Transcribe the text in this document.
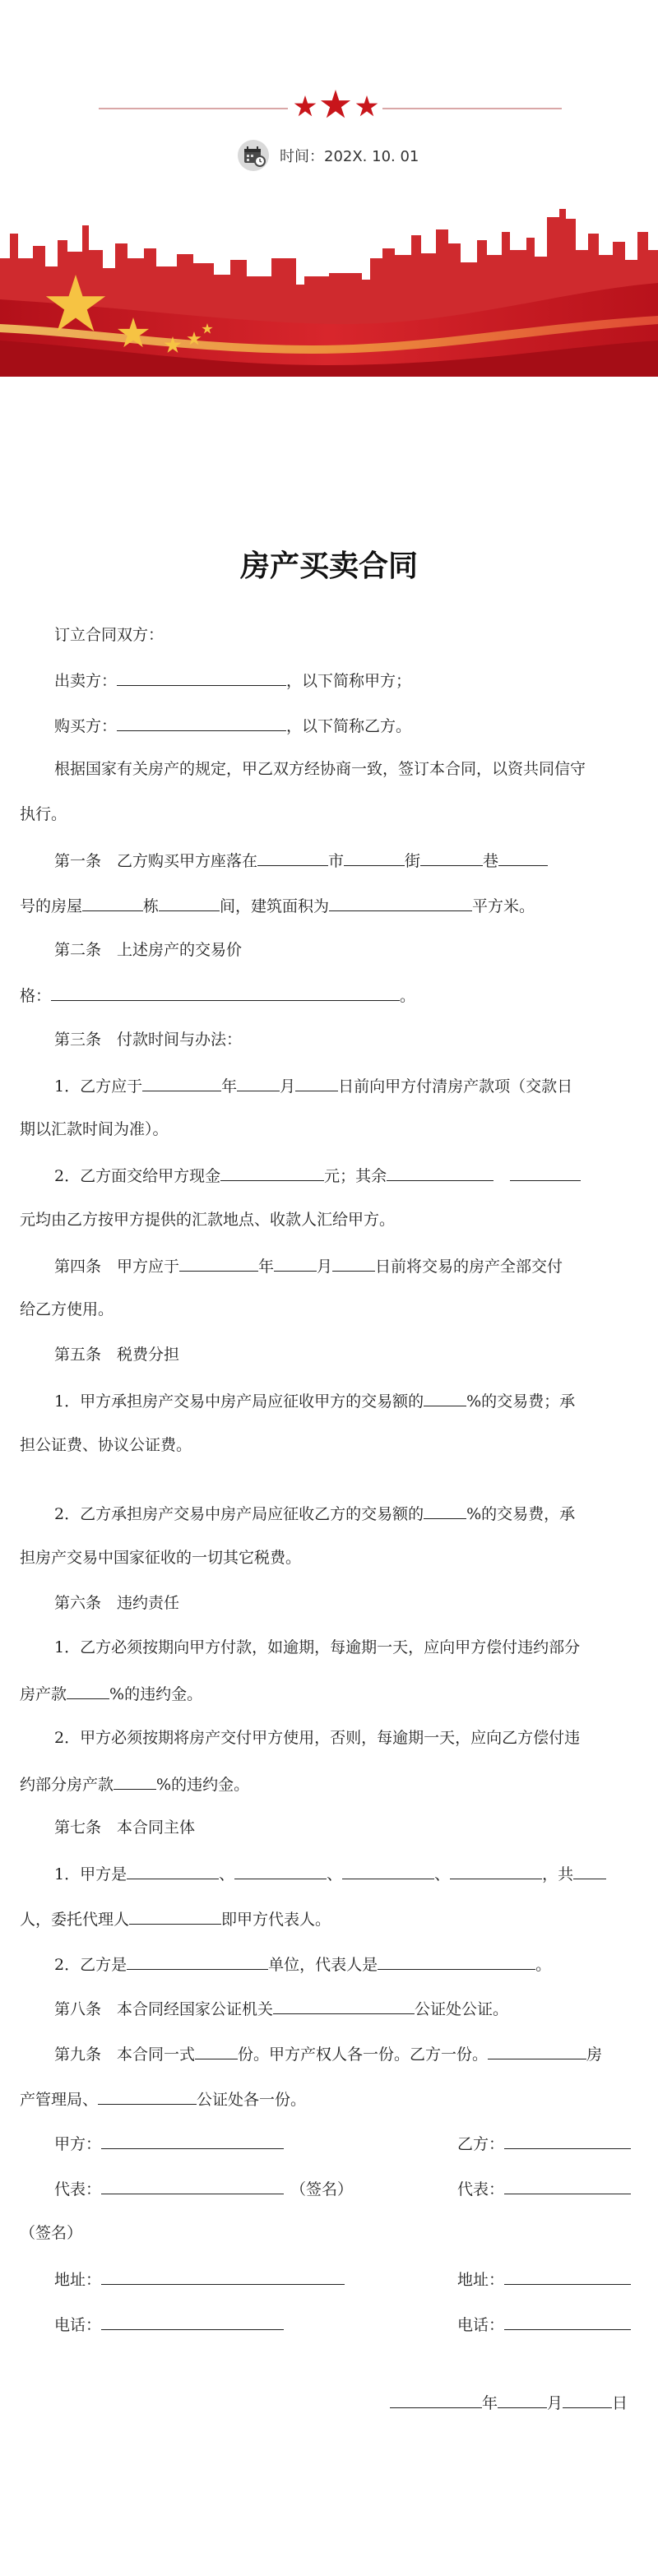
时间：202X. 10. 01
房产买卖合同
订立合同双方：
出卖方：	，以下简称甲方；
购买方：	，以下简称乙方。
根据国家有关房产的规定，甲乙双方经协商一致，签订本合同，以资共同信守
执行。
第一条　乙方购买甲方座落在	市	街	巷
号的房屋	栋	间，建筑面积为	平方米。
第二条　上述房产的交易价
格：	。
第三条　付款时间与办法：
1．乙方应于	年	月	日前向甲方付清房产款项（交款日
期以汇款时间为准）。
2．乙方面交给甲方现金	元；其余
元均由乙方按甲方提供的汇款地点、收款人汇给甲方。
第四条　甲方应于	年	月	日前将交易的房产全部交付
给乙方使用。
第五条　税费分担
1．甲方承担房产交易中房产局应征收甲方的交易额的	%的交易费；承
担公证费、协议公证费。
2．乙方承担房产交易中房产局应征收乙方的交易额的	%的交易费，承
担房产交易中国家征收的一切其它税费。
第六条　违约责任
1．乙方必须按期向甲方付款，如逾期，每逾期一天，应向甲方偿付违约部分
房产款	%的违约金。
2．甲方必须按期将房产交付甲方使用，否则，每逾期一天，应向乙方偿付违
约部分房产款	%的违约金。
第七条　本合同主体
1．甲方是	、	、	、	，共
人，委托代理人	即甲方代表人。
2．乙方是	单位，代表人是	。
第八条　本合同经国家公证机关	公证处公证。
第九条　本合同一式	份。甲方产权人各一份。乙方一份。	房
产管理局、	公证处各一份。
甲方：	乙方：
代表：	（签名）	代表：
（签名）
地址：	地址：
电话：	电话：
年	月	日
